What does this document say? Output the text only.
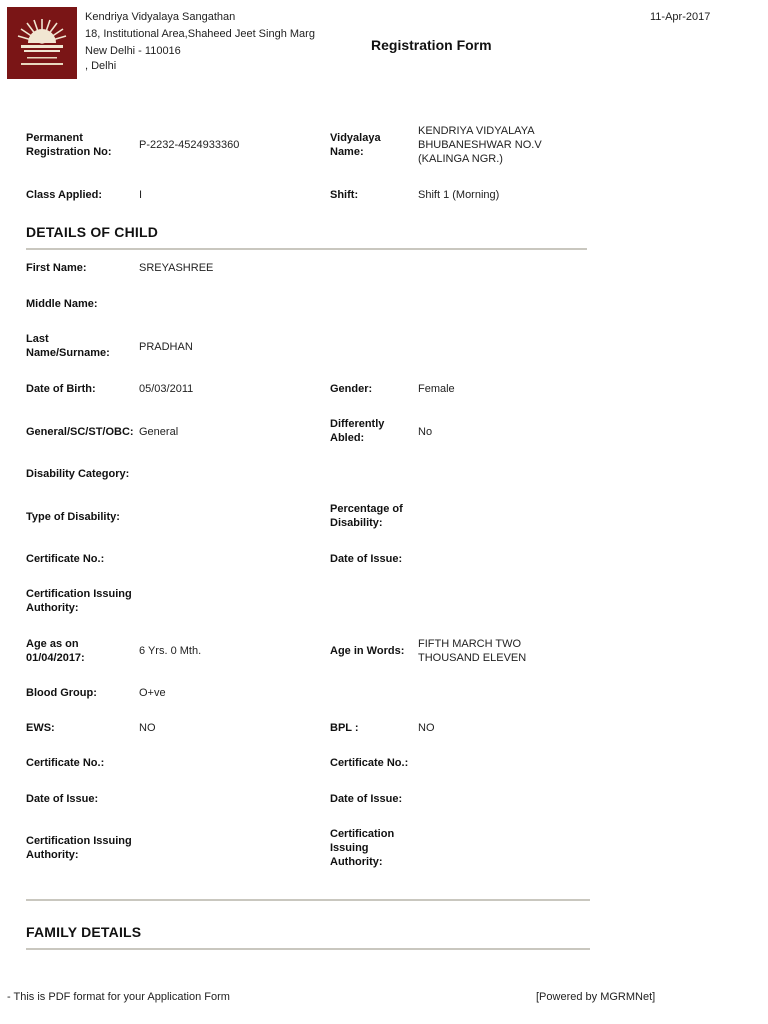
Kendriya Vidyalaya Sangathan
18, Institutional Area,Shaheed Jeet Singh Marg
New Delhi - 110016
, Delhi
Registration Form
11-Apr-2017
Permanent Registration No:
P-2232-4524933360
Vidyalaya Name:
KENDRIYA VIDYALAYA BHUBANESHWAR NO.V (KALINGA NGR.)
Class Applied:	I	Shift:	Shift 1 (Morning)
DETAILS OF CHILD
First Name:	SREYASHREE
Middle Name:
Last Name/Surname:	PRADHAN
Date of Birth:	05/03/2011	Gender:	Female
General/SC/ST/OBC: General
Differently Abled:	No
Disability Category:
Type of Disability:
Percentage of Disability:
Certificate No.:	Date of Issue:
Certification Issuing Authority:
Age as on 01/04/2017:
6 Yrs. 0 Mth.	Age in Words:
FIFTH MARCH TWO THOUSAND ELEVEN
Blood Group:	O+ve
EWS:	NO	BPL :	NO
Certificate No.:	Certificate No.:
Date of Issue:	Date of Issue:
Certification Issuing Authority:
Certification Issuing Authority:
FAMILY DETAILS
- This is PDF format for your Application Form	[Powered by MGRMNet]
